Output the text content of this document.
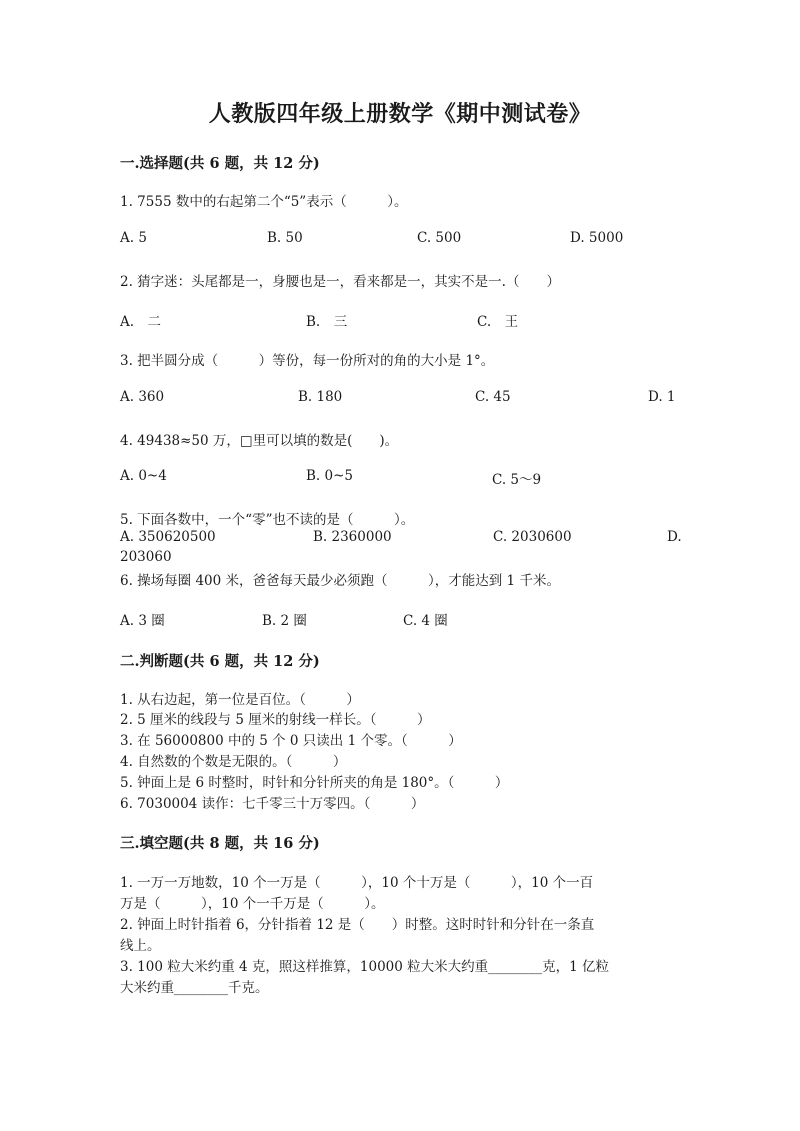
人教版四年级上册数学《期中测试卷》
一.选择题(共 6 题，共 12 分)
1. 7555 数中的右起第二个“5”表示（　　　）。
A. 5	B. 50	C. 500	D. 5000
2. 猜字迷：头尾都是一，身腰也是一，看来都是一，其实不是一.（　　）
A.　二	B.　三	C.　王
3. 把半圆分成（　　　）等份，每一份所对的角的大小是 1°。
A. 360	B. 180	C. 45	D. 1
4. 49438≈50 万，□里可以填的数是(　　)。
A. 0~4	B. 0~5	C. 5～9
5. 下面各数中，一个“零”也不读的是（　　　）。
A. 350620500	B. 2360000	C. 2030600	D.
203060
6. 操场每圈 400 米，爸爸每天最少必须跑（　　　），才能达到 1 千米。
A. 3 圈	B. 2 圈	C. 4 圈
二.判断题(共 6 题，共 12 分)
1. 从右边起，第一位是百位。（　　　）
2. 5 厘米的线段与 5 厘米的射线一样长。（　　　）
3. 在 56000800 中的 5 个 0 只读出 1 个零。（　　　）
4. 自然数的个数是无限的。（　　　）
5. 钟面上是 6 时整时，时针和分针所夹的角是 180°。（　　　）
6. 7030004 读作：七千零三十万零四。（　　　）
三.填空题(共 8 题，共 16 分)
1. 一万一万地数，10 个一万是（　　　），10 个十万是（　　　），10 个一百
万是（　　　），10 个一千万是（　　　）。
2. 钟面上时针指着 6，分针指着 12 是（　　）时整。这时时针和分针在一条直
线上。
3. 100 粒大米约重 4 克，照这样推算，10000 粒大米大约重________克，1 亿粒
大米约重________千克。
